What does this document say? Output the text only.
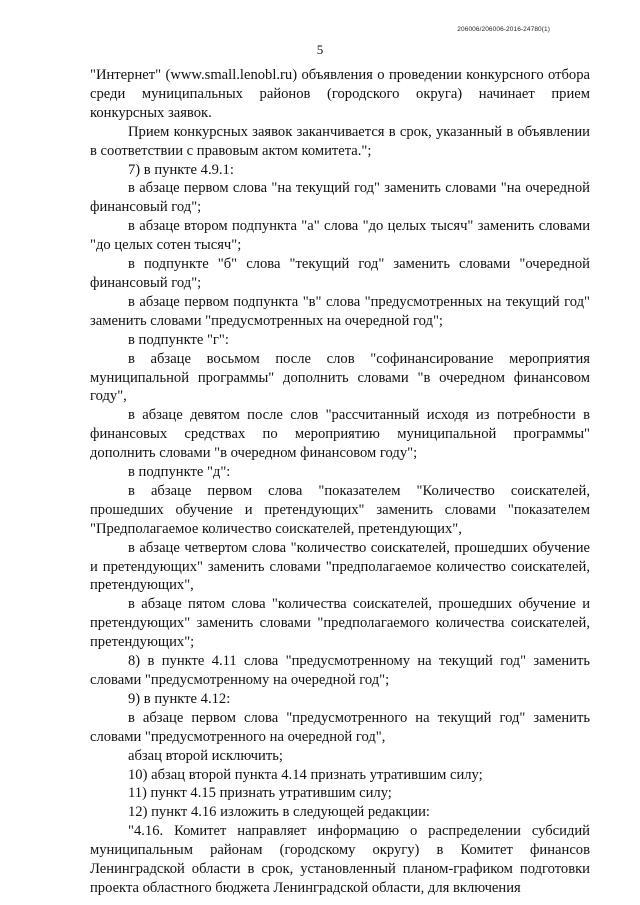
206006/206006-2016-24780(1)
5

"Интернет" (www.small.lenobl.ru) объявления о проведении конкурсного отбора среди муниципальных районов (городского округа) начинает прием конкурсных заявок.

Прием конкурсных заявок заканчивается в срок, указанный в объявлении в соответствии с правовым актом комитета.";

7) в пункте 4.9.1:

в абзаце первом слова "на текущий год" заменить словами "на очередной финансовый год";

в абзаце втором подпункта "а" слова "до целых тысяч" заменить словами "до целых сотен тысяч";

в подпункте "б" слова "текущий год" заменить словами "очередной финансовый год";

в абзаце первом подпункта "в" слова "предусмотренных на текущий год" заменить словами "предусмотренных на очередной год";

в подпункте "г":

в абзаце восьмом после слов "софинансирование мероприятия муниципальной программы" дополнить словами "в очередном финансовом году",

в абзаце девятом после слов "рассчитанный исходя из потребности в финансовых средствах по мероприятию муниципальной программы" дополнить словами "в очередном финансовом году";

в подпункте "д":

в абзаце первом слова "показателем "Количество соискателей, прошедших обучение и претендующих" заменить словами "показателем "Предполагаемое количество соискателей, претендующих",

в абзаце четвертом слова "количество соискателей, прошедших обучение и претендующих" заменить словами "предполагаемое количество соискателей, претендующих",

в абзаце пятом слова "количества соискателей, прошедших обучение и претендующих" заменить словами "предполагаемого количества соискателей, претендующих";

8) в пункте 4.11 слова "предусмотренному на текущий год" заменить словами "предусмотренному на очередной год";

9) в пункте 4.12:

в абзаце первом слова "предусмотренного на текущий год" заменить словами "предусмотренного на очередной год",

абзац второй исключить;

10) абзац второй пункта 4.14 признать утратившим силу;

11) пункт 4.15 признать утратившим силу;

12) пункт 4.16 изложить в следующей редакции:

"4.16. Комитет направляет информацию о распределении субсидий муниципальным районам (городскому округу) в Комитет финансов Ленинградской области в срок, установленный планом-графиком подготовки проекта областного бюджета Ленинградской области, для включения
